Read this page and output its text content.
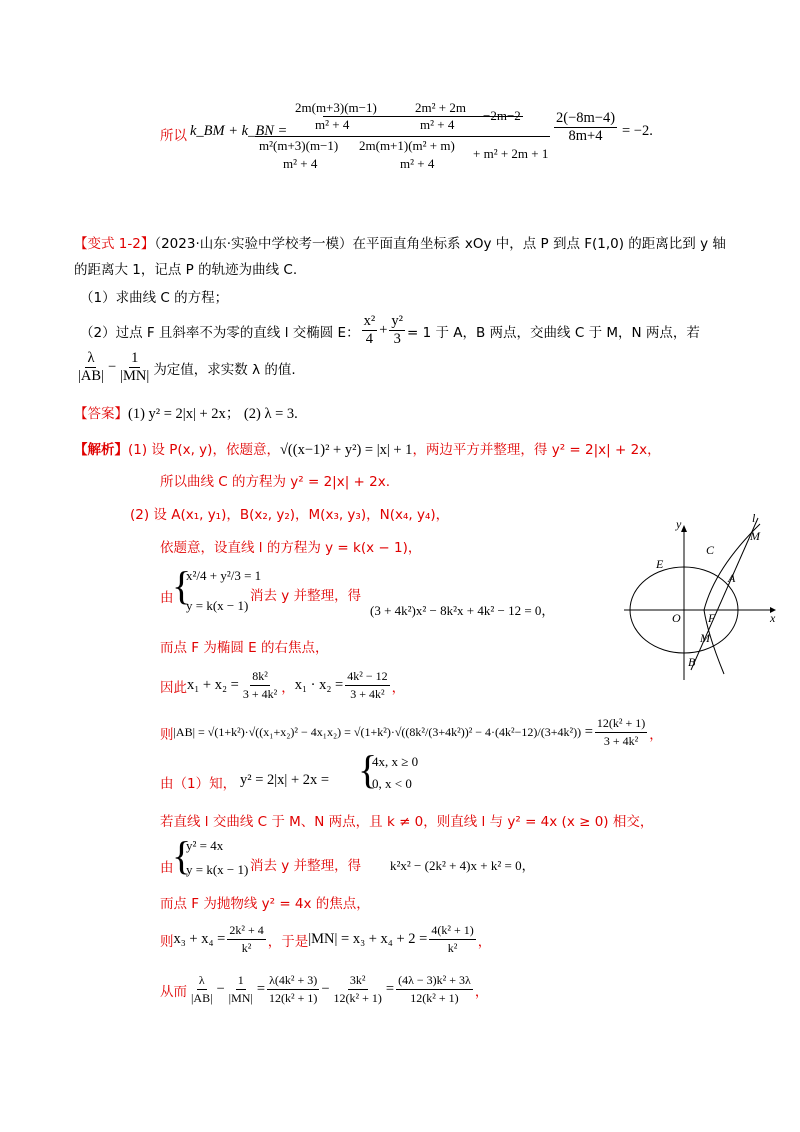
所以 k_BM + k_BN =
2m(m+3)(m−1)	2m² + 2m
m² + 4	m² + 4
−2m−2
m²(m+3)(m−1) 2m(m+1)(m² + m)
m² + 4	m² + 4
+ m² + 2m + 1
$\frac{2(-8m-4)}{8m+4} = -2$.
【变式 1-2】（2023·山东·实验中学校考一模）在平面直角坐标系 xOy 中，点 P 到点 F(1,0) 的距离比到 y 轴
的距离大 1，记点 P 的轨迹为曲线 C.
（1）求曲线 C 的方程；
（2）过点 F 且斜率不为零的直线 l 交椭圆 E： $\frac{\text{x²}}{4} + \frac{\text{y²}}{3} = 1$ 于 A，B 两点，交曲线 C 于 M，N 两点，若
$\frac{\lambda}{|AB|} - \frac{1}{|MN|}$ 为定值，求实数 λ 的值.
【答案】(1) y² = 2|x| + 2x； (2) λ = 3.
【解析】(1) 设 P(x, y)，依题意，√((x−1)² + y²) = |x| + 1，两边平方并整理，得 y² = 2|x| + 2x，
所以曲线 C 的方程为 y² = 2|x| + 2x.
(2) 设 A(x₁, y₁)，B(x₂, y₂)，M(x₃, y₃)，N(x₄, y₄)，
依题意，设直线 l 的方程为 y = k(x − 1)，
由
{
x²/4 + y²/3 = 1
y = k(x − 1)
消去 y 并整理，得
(3 + 4k²)x² − 8k²x + 4k² − 12 = 0，
而点 F 为椭圆 E 的右焦点，
因此 $x_1 + x_2 = \frac{\text{8k²}}{\text{3 + 4k²}}$ ， $x_1 \cdot x_2 = \frac{\text{4k² − 12}}{\text{3 + 4k²}}$ ，
则 $|AB| = √(1+k^2)\cdot√((x_1+x_2)^2 - 4x_1x_2) = √(1+k^2)\cdot√((8k^2/(3+4k^2))^2 - 4\cdot(4k^2-12)/(3+4k^2)) = \frac{\text{12(k² + 1)}}{\text{3 + 4k²}}$ ，
由（1）知， y² = 2|x| + 2x = {
4x, x ≥ 0
0, x < 0
若直线 l 交曲线 C 于 M、N 两点，且 k ≠ 0，则直线 l 与 y² = 4x (x ≥ 0) 相交，
由
{
y² = 4x
y = k(x − 1) 消去 y 并整理，得 k²x² − (2k² + 4)x + k² = 0，
而点 F 为抛物线 y² = 4x 的焦点，
则 $x_3 + x_4 = \frac{\text{2k² + 4}}{\text{k²}}$ ，于是 $|MN| = x_3 + x_4 + 2 = \frac{\text{4(k² + 1)}}{\text{k²}}$ ，
从而 $\frac{\lambda}{|AB|} - \frac{1}{|MN|} = \frac{\text{λ(4k² + 3)}}{\text{12(k² + 1)}} - \frac{\text{3k²}}{\text{12(k² + 1)}} = \frac{\text{(4λ − 3)k² + 3λ}}{\text{12(k² + 1)}}$ ，
y	l
M
C
E
A
O F	x
M
B
